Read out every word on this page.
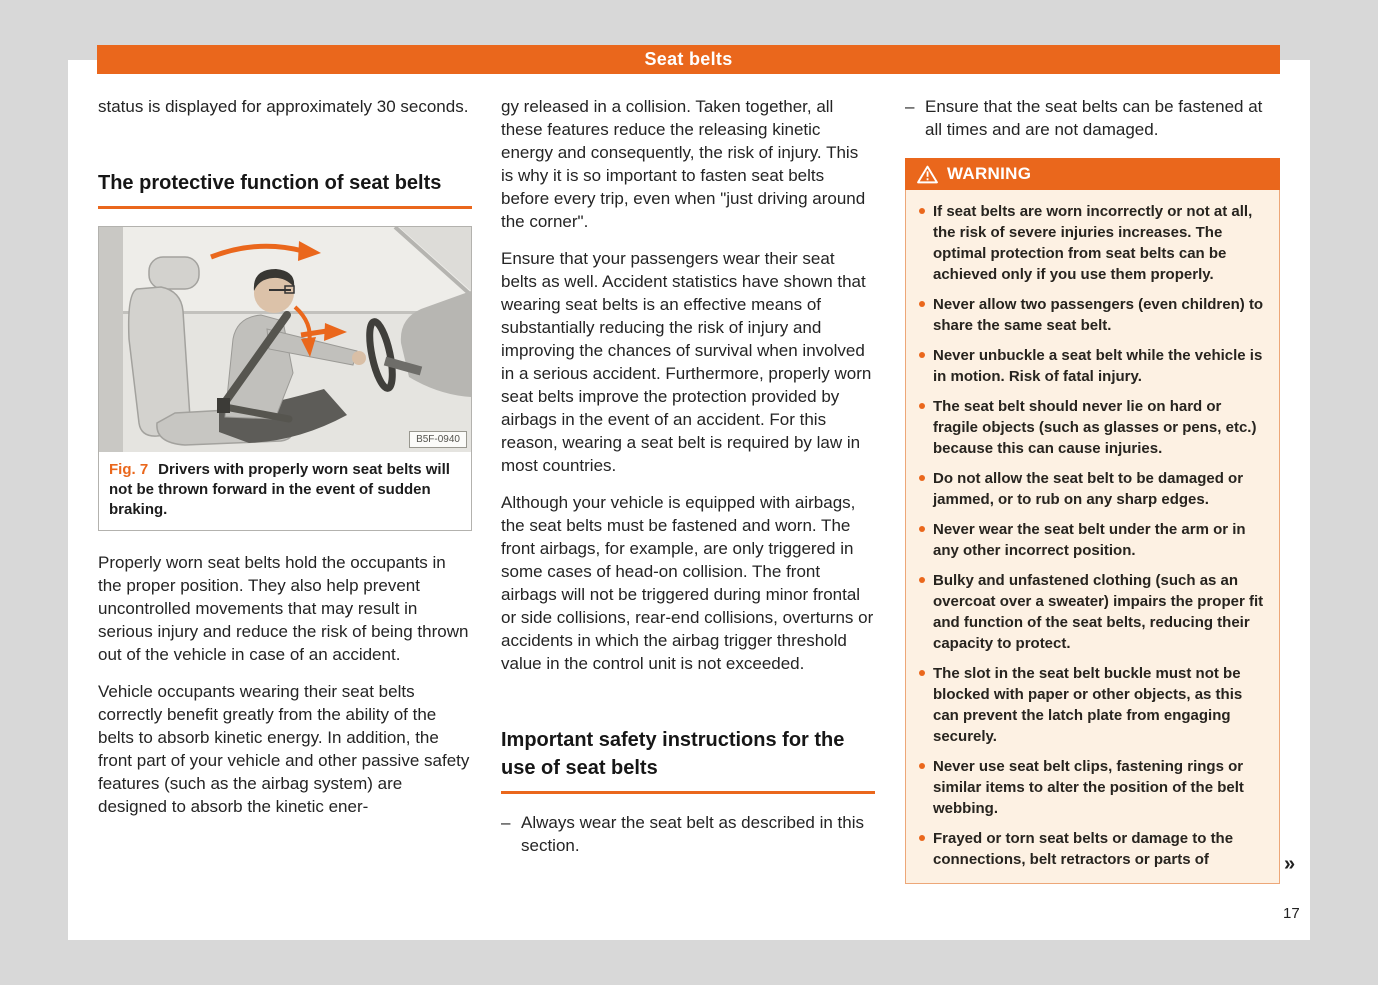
Seat belts

status is displayed for approximately 30 seconds.

The protective function of seat belts
B5F-0940
Fig. 7 Drivers with properly worn seat belts will not be thrown forward in the event of sudden braking.

Properly worn seat belts hold the occupants in the proper position. They also help prevent uncontrolled movements that may result in serious injury and reduce the risk of being thrown out of the vehicle in case of an accident.

Vehicle occupants wearing their seat belts correctly benefit greatly from the ability of the belts to absorb kinetic energy. In addition, the front part of your vehicle and other passive safety features (such as the airbag system) are designed to absorb the kinetic ener-

gy released in a collision. Taken together, all these features reduce the releasing kinetic energy and consequently, the risk of injury. This is why it is so important to fasten seat belts before every trip, even when "just driving around the corner".

Ensure that your passengers wear their seat belts as well. Accident statistics have shown that wearing seat belts is an effective means of substantially reducing the risk of injury and improving the chances of survival when involved in a serious accident. Furthermore, properly worn seat belts improve the protection provided by airbags in the event of an accident. For this reason, wearing a seat belt is required by law in most countries.

Although your vehicle is equipped with airbags, the seat belts must be fastened and worn. The front airbags, for example, are only triggered in some cases of head-on collision. The front airbags will not be triggered during minor frontal or side collisions, rear-end collisions, overturns or accidents in which the airbag trigger threshold value in the control unit is not exceeded.

Important safety instructions for the use of seat belts
– Always wear the seat belt as described in this section.
– Ensure that the seat belts can be fastened at all times and are not damaged.
WARNING
If seat belts are worn incorrectly or not at all, the risk of severe injuries increases. The optimal protection from seat belts can be achieved only if you use them properly.
Never allow two passengers (even children) to share the same seat belt.
Never unbuckle a seat belt while the vehicle is in motion. Risk of fatal injury.
The seat belt should never lie on hard or fragile objects (such as glasses or pens, etc.) because this can cause injuries.
Do not allow the seat belt to be damaged or jammed, or to rub on any sharp edges.
Never wear the seat belt under the arm or in any other incorrect position.
Bulky and unfastened clothing (such as an overcoat over a sweater) impairs the proper fit and function of the seat belts, reducing their capacity to protect.
The slot in the seat belt buckle must not be blocked with paper or other objects, as this can prevent the latch plate from engaging securely.
Never use seat belt clips, fastening rings or similar items to alter the position of the belt webbing.
Frayed or torn seat belts or damage to the connections, belt retractors or parts of	»
17
